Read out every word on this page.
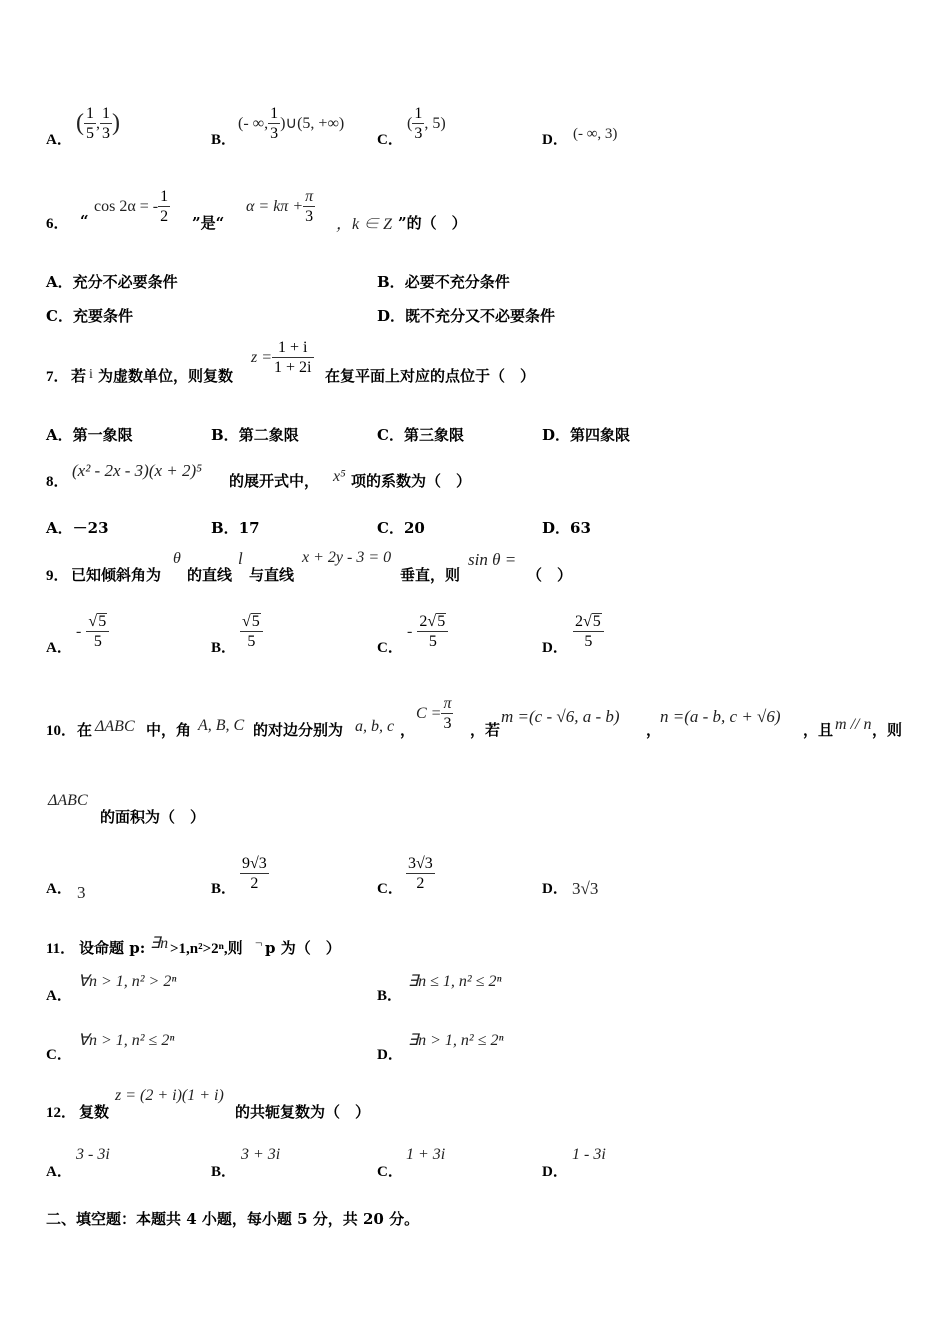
A．
( $\frac{1}{5}$ , $\frac{1}{3}$ )
B．
(- ∞, $\frac{1}{3}$ )∪(5, +∞)
C．
( $\frac{1}{3}$ , 5)
D． (- ∞, 3)
6． “
cos 2α = - $\frac{1}{2}$ ”是“
$\alpha = k\pi + \frac{\pi}{3}$ ，k ∈ Z ”的（　）
A．充分不必要条件	B．必要不充分条件
C．充要条件	D．既不充分又不必要条件
7． 若 i 为虚数单位，则复数
$z = \frac{1 + i}{1 + 2i}$ 在复平面上对应的点位于（　）
A．第一象限	B．第二象限	C．第三象限	D．第四象限
8．
(x² - 2x - 3)(x + 2)⁵
的展开式中， x⁵ 项的系数为（　）
A．－23	B．17	C．20	D．63
9． 已知倾斜角为
θ
的直线
l
与直线
x + 2y - 3 = 0
垂直，则
sin θ =
（　）
A．
- $\frac{√5}{5}$	B． $\frac{√5}{5}$	C．
- $\frac{2√5}{5}$	D． $\frac{2√5}{5}$
10． 在 ΔABC 中，角 A, B, C 的对边分别为 a, b, c ，
$C = \frac{\pi}{3}$ ，若
m =(c - √6, a - b)
，
n =(a - b, c + √6)
，且 m // n ，则
ΔABC
的面积为（　）
A． 3	B． $\frac{9√3}{2}$	C． $\frac{3√3}{2}$	D． 3√3
11． 设命题 p: ∃n >1,n²>2ⁿ,则 ¬ p 为（　）
A．
∀n > 1, n² > 2ⁿ
B．
∃n ≤ 1, n² ≤ 2ⁿ
C．
∀n > 1, n² ≤ 2ⁿ
D．
∃n > 1, n² ≤ 2ⁿ
12． 复数
z = (2 + i)(1 + i)
的共轭复数为（　）
A．
3 - 3i
B．
3 + 3i
C．
1 + 3i
D．
1 - 3i
二、填空题：本题共 4 小题，每小题 5 分，共 20 分。
